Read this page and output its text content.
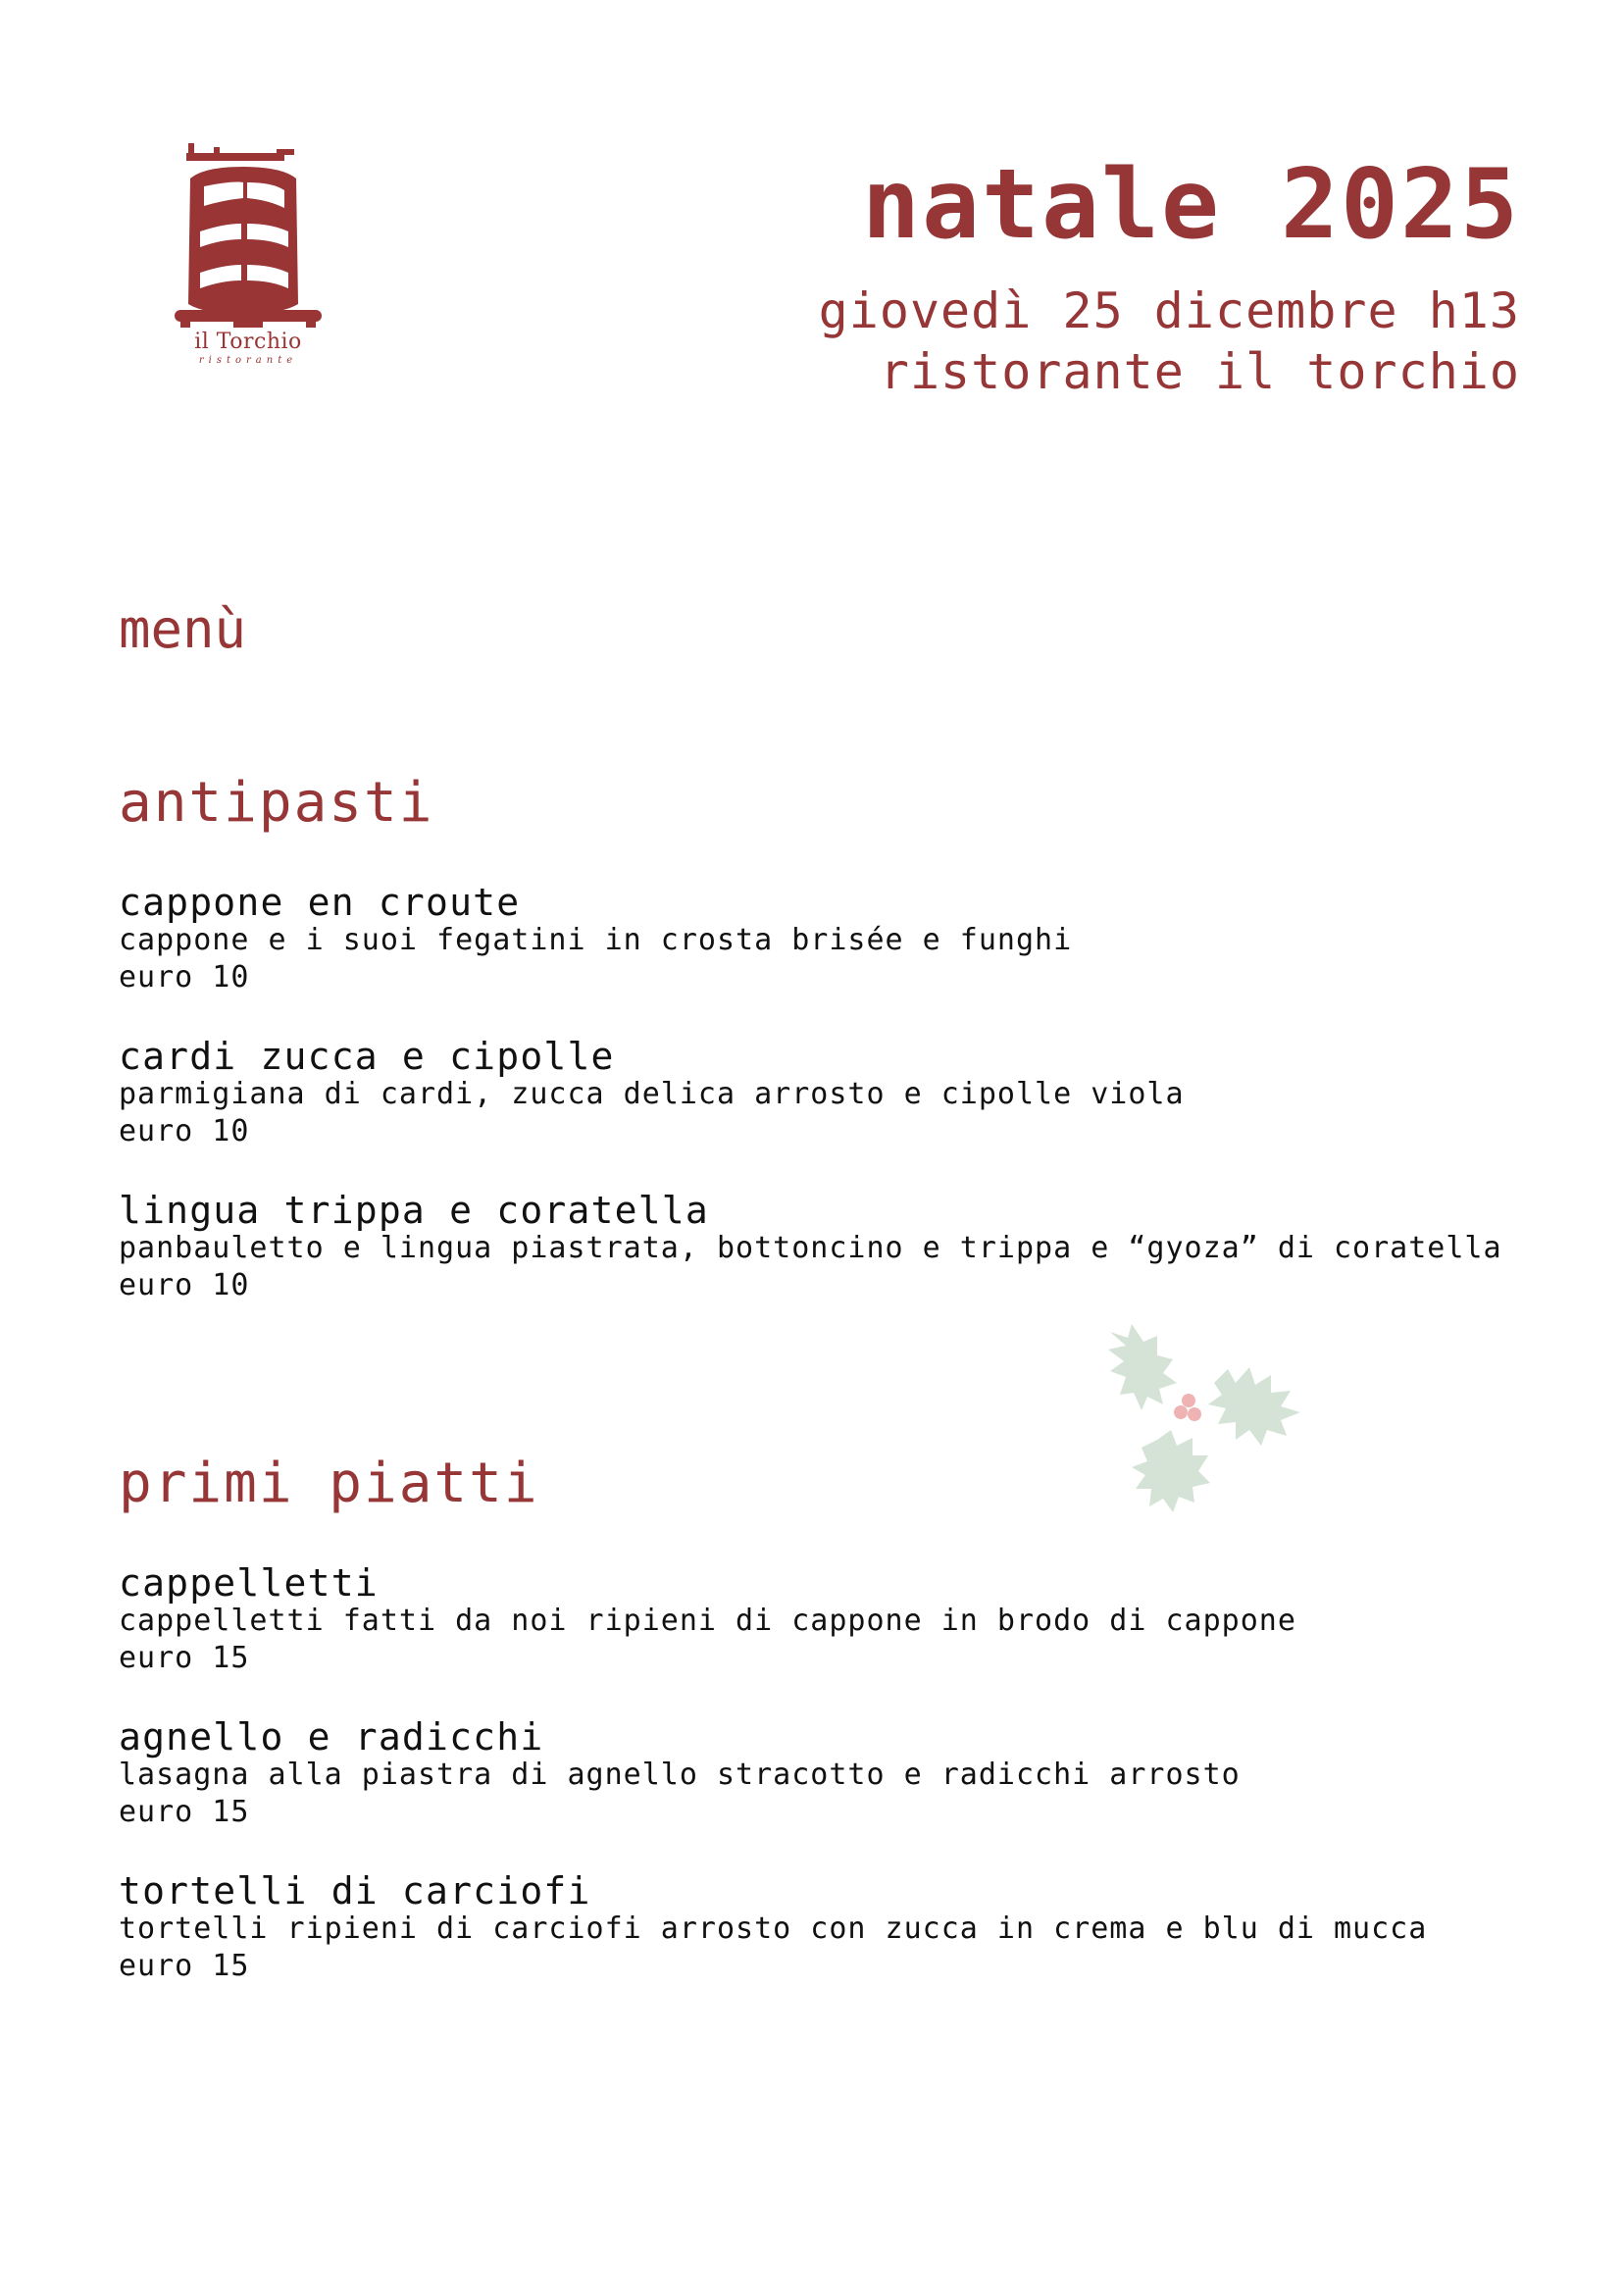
il Torchio
ristorante
natale 2025
giovedì 25 dicembre h13
ristorante il torchio
menù
antipasti
cappone en croute
cappone e i suoi fegatini in crosta brisée e funghi
euro 10
cardi zucca e cipolle
parmigiana di cardi, zucca delica arrosto e cipolle viola
euro 10
lingua trippa e coratella
panbauletto e lingua piastrata, bottoncino e trippa e “gyoza” di coratella
euro 10
primi piatti
cappelletti
cappelletti fatti da noi ripieni di cappone in brodo di cappone
euro 15
agnello e radicchi
lasagna alla piastra di agnello stracotto e radicchi arrosto
euro 15
tortelli di carciofi
tortelli ripieni di carciofi arrosto con zucca in crema e blu di mucca
euro 15
